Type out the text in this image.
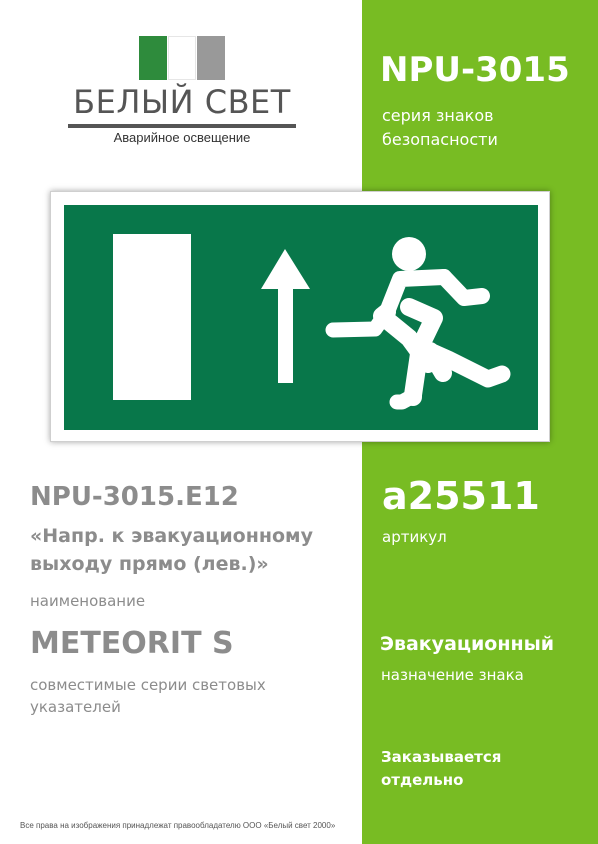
БЕЛЫЙ СВЕТ
Аварийное освещение
NPU-3015
серия знаков безопасности
NPU-3015.E12
«Напр. к эвакуационному выходу прямо (лев.)»
наименование
METEORIT S
совместимые серии световых указателей
a25511
артикул
Эвакуационный
назначение знака
Заказывается отдельно
Все права на изображения принадлежат правообладателю ООО «Белый свет 2000»
